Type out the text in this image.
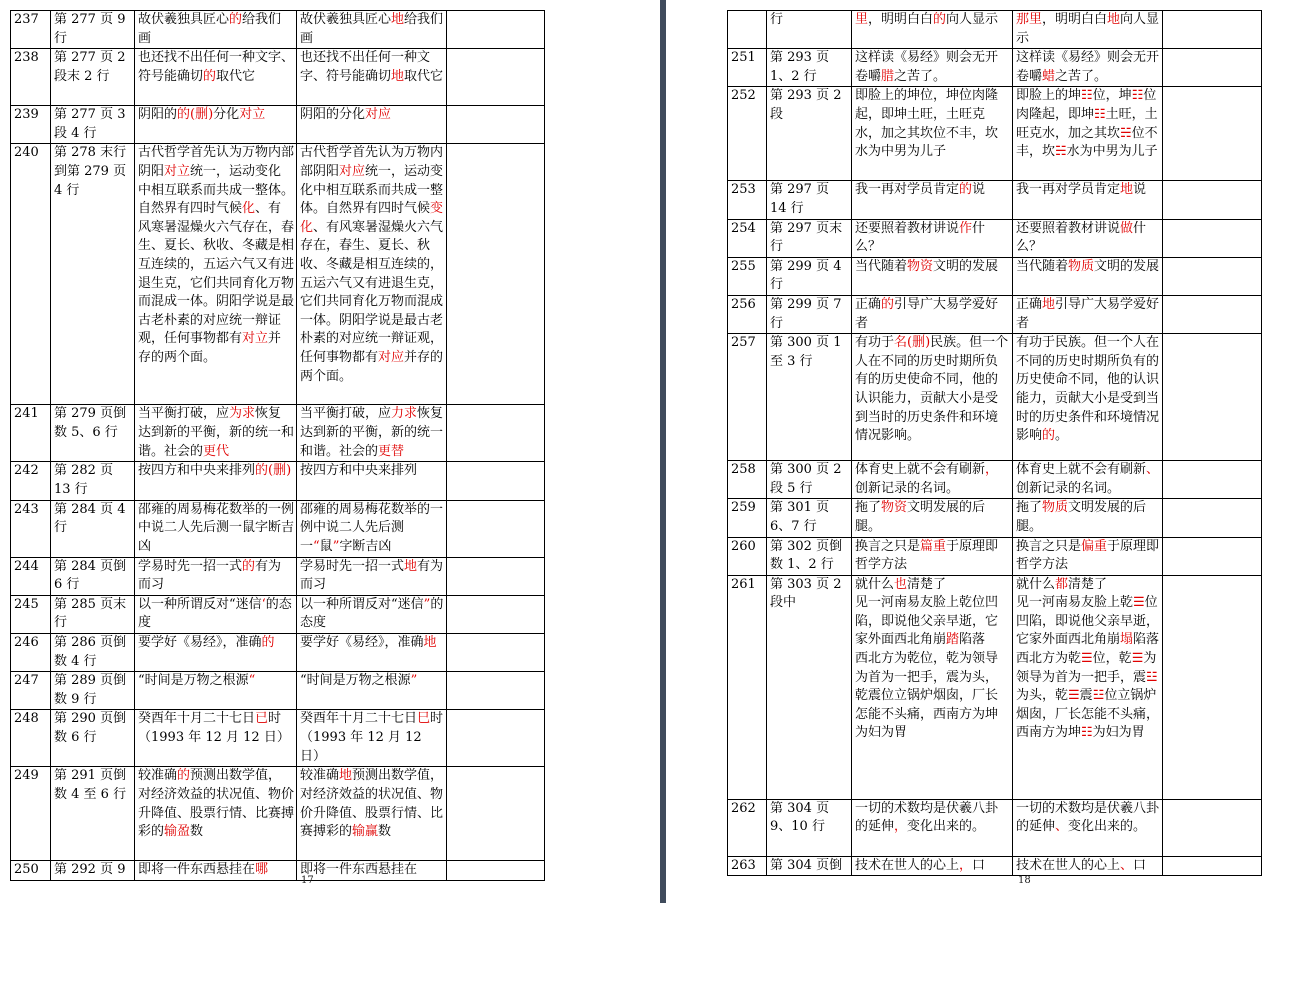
237	第 277 页 9 行	故伏羲独具匠心的给我们画	故伏羲独具匠心地给我们画	

238	第 277 页 2 段末 2 行	也还找不出任何一种文字、符号能确切的取代它	也还找不出任何一种文字、符号能确切地取代它	

239	第 277 页 3 段 4 行	阴阳的的(删)分化对立	阴阳的分化对应	

240	第 278 末行到第 279 页 4 行	古代哲学首先认为万物内部阴阳对立统一，运动变化中相互联系而共成一整体。自然界有四时气候化、有风寒暑湿燥火六气存在，春生、夏长、秋收、冬藏是相互连续的，五运六气又有进退生克，它们共同育化万物而混成一体。阴阳学说是最古老朴素的对应统一辩证观，任何事物都有对立并存的两个面。	古代哲学首先认为万物内部阴阳对应统一，运动变化中相互联系而共成一整体。自然界有四时气候变化、有风寒暑湿燥火六气存在，春生、夏长、秋收、冬藏是相互连续的，五运六气又有进退生克，它们共同育化万物而混成一体。阴阳学说是最古老朴素的对应统一辩证观，任何事物都有对应并存的两个面。	

241	第 279 页倒数 5、6 行	当平衡打破，应为求恢复达到新的平衡，新的统一和谐。社会的更代	当平衡打破，应力求恢复达到新的平衡，新的统一和谐。社会的更替	

242	第 282 页 13 行	按四方和中央来排列的(删)	按四方和中央来排列	

243	第 284 页 4 行	邵雍的周易梅花数举的一例中说二人先后测一鼠字断吉凶	邵雍的周易梅花数举的一例中说二人先后测一“鼠”字断吉凶	

244	第 284 页倒 6 行	学易时先一招一式的有为而习	学易时先一招一式地有为而习	

245	第 285 页末行	以一种所谓反对“迷信‘的态度	以一种所谓反对“迷信”的态度	

246	第 286 页倒数 4 行	要学好《易经》，准确的	要学好《易经》，准确地	

247	第 289 页倒数 9 行	“时间是万物之根源“	“时间是万物之根源”	

248	第 290 页倒数 6 行	癸酉年十月二十七日已时（1993 年 12 月 12 日）	癸酉年十月二十七日巳时（1993 年 12 月 12 日）	

249	第 291 页倒数 4 至 6 行	较准确的预测出数学值，对经济效益的状况值、物价升降值、股票行情、比赛搏彩的输盈数	较准确地预测出数学值，对经济效益的状况值、物价升降值、股票行情、比赛搏彩的输赢数	

250	第 292 页 9	即将一件东西悬挂在哪	即将一件东西悬挂在	

	行	里，明明白白的向人显示	那里，明明白白地向人显示	

251	第 293 页 1、2 行	这样读《易经》则会无开卷嚼腊之苦了。	这样读《易经》则会无开卷嚼蜡之苦了。	

252	第 293 页 2 段	即脸上的坤位，坤位肉隆起，即坤土旺，土旺克水，加之其坎位不丰，坎水为中男为儿子	即脸上的坤☷位，坤☷位肉隆起，即坤☷土旺，土旺克水，加之其坎☵位不丰，坎☵水为中男为儿子	

253	第 297 页 14 行	我一再对学员肯定的说	我一再对学员肯定地说	

254	第 297 页末行	还要照着教材讲说作什么？	还要照着教材讲说做什么？	

255	第 299 页 4 行	当代随着物资文明的发展	当代随着物质文明的发展	

256	第 299 页 7 行	正确的引导广大易学爱好者	正确地引导广大易学爱好者	

257	第 300 页 1 至 3 行	有功于名(删)民族。但一个人在不同的历史时期所负有的历史使命不同，他的认识能力，贡献大小是受到当时的历史条件和环境情况影响。	有功于民族。但一个人在不同的历史时期所负有的历史使命不同，他的认识能力，贡献大小是受到当时的历史条件和环境情况影响的。	

258	第 300 页 2 段 5 行	体育史上就不会有刷新，创新记录的名词。	体育史上就不会有刷新、创新记录的名词。	

259	第 301 页 6、7 行	拖了物资文明发展的后腿。	拖了物质文明发展的后腿。	

260	第 302 页倒数 1、2 行	换言之只是篇重于原理即哲学方法	换言之只是偏重于原理即哲学方法	

261	第 303 页 2 段中	就什么也清楚了
见一河南易友脸上乾位凹陷，即说他父亲早逝，它家外面西北角崩踏陷落
西北方为乾位，乾为领导为首为一把手，震为头，乾震位立锅炉烟囱，厂长怎能不头痛，西南方为坤为妇为胃	就什么都清楚了
见一河南易友脸上乾☰位凹陷，即说他父亲早逝，它家外面西北角崩塌陷落
西北方为乾☰位，乾☰为领导为首为一把手，震☳为头，乾☰震☳位立锅炉烟囱，厂长怎能不头痛，西南方为坤☷为妇为胃	

262	第 304 页 9、10 行	一切的术数均是伏羲八卦的延伸，变化出来的。	一切的术数均是伏羲八卦的延伸、变化出来的。	

263	第 304 页倒	技术在世人的心上，口	技术在世人的心上、口	

17	18
